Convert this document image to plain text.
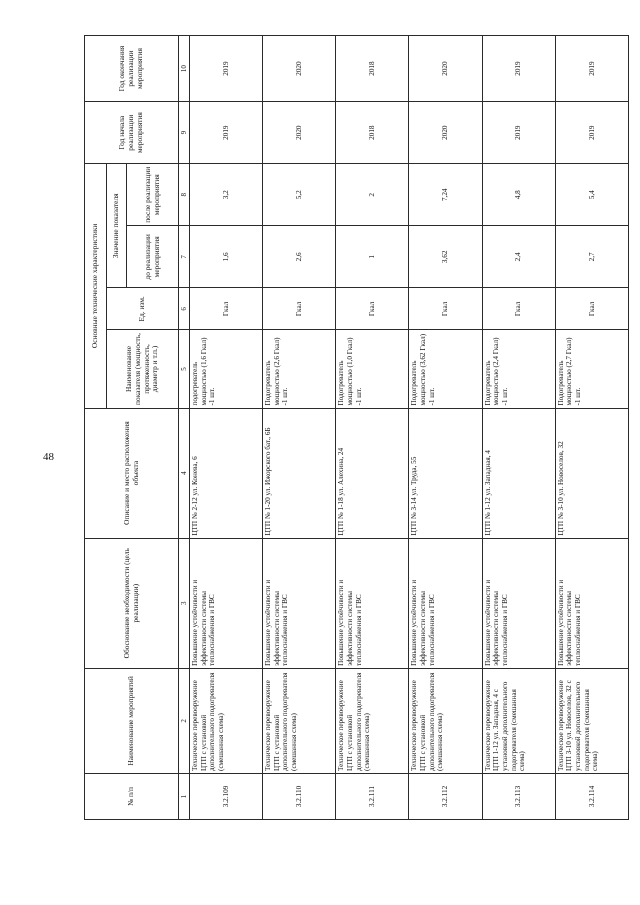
48
№ п/п	Наименование мероприятий	Обоснование необходимости (цель реализации)	Описание и место расположения объекта	Основные технические характеристики				Год начала реализации мероприятия	Год окончания реализации мероприятия
				Наименование показателя (мощность, протяженность, диаметр и т.п.)	Ед. изм.	Значение показателя			
						до реализации мероприятия	после реализации мероприятия		
1	2	3	4	5	6	7	8	9	10
3.2.109	Техническое перевооружение ЦТП с установкой дополнительного подогревателя (смешанная схема)	Повышение устойчивости и эффективности системы теплоснабжения и ГВС	ЦТП № 2-12 ул. Конева, 6	подогреватель мощностью (1,6 Гкал) -1 шт.	Гкал	1,6	3,2	2019	2019
3.2.110	Техническое перевооружение ЦТП с установкой дополнительного подогревателя (смешанная схема)	Повышение устойчивости и эффективности системы теплоснабжения и ГВС	ЦТП № 1-20 ул. Ижорского бат., 6Б	Подогреватель мощностью (2,6 Гкал) -1 шт.	Гкал	2,6	5,2	2020	2020
3.2.111	Техническое перевооружение ЦТП с установкой дополнительного подогревателя (смешанная схема)	Повышение устойчивости и эффективности системы теплоснабжения и ГВС	ЦТП № 1-18 ул. Алехина, 24	Подогреватель мощностью (1,0 Гкал) -1 шт.	Гкал	1	2	2018	2018
3.2.112	Техническое перевооружение ЦТП с установкой дополнительного подогревателя (смешанная схема)	Повышение устойчивости и эффективности системы теплоснабжения и ГВС	ЦТП № 3-14 ул. Труда, 55	Подогреватель мощностью (3,62 Гкал) -1 шт.	Гкал	3,62	7,24	2020	2020
3.2.113	Техническое перевооружение ЦТП 1-12 ул. Западная, 4 с установкой дополнительного подогревателя (смешанная схема)	Повышение устойчивости и эффективности системы теплоснабжения и ГВС	ЦТП № 1-12 ул. Западная, 4	Подогреватель мощностью (2,4 Гкал) -1 шт.	Гкал	2,4	4,8	2019	2019
3.2.114	Техническое перевооружение ЦТП 3-10 ул. Новоселов, 32 с установкой дополнительного подогревателя (смешанная схема)	Повышение устойчивости и эффективности системы теплоснабжения и ГВС	ЦТП № 3-10 ул. Новоселов, 32	Подогреватель мощностью (2,7 Гкал) -1 шт.	Гкал	2,7	5,4	2019	2019
